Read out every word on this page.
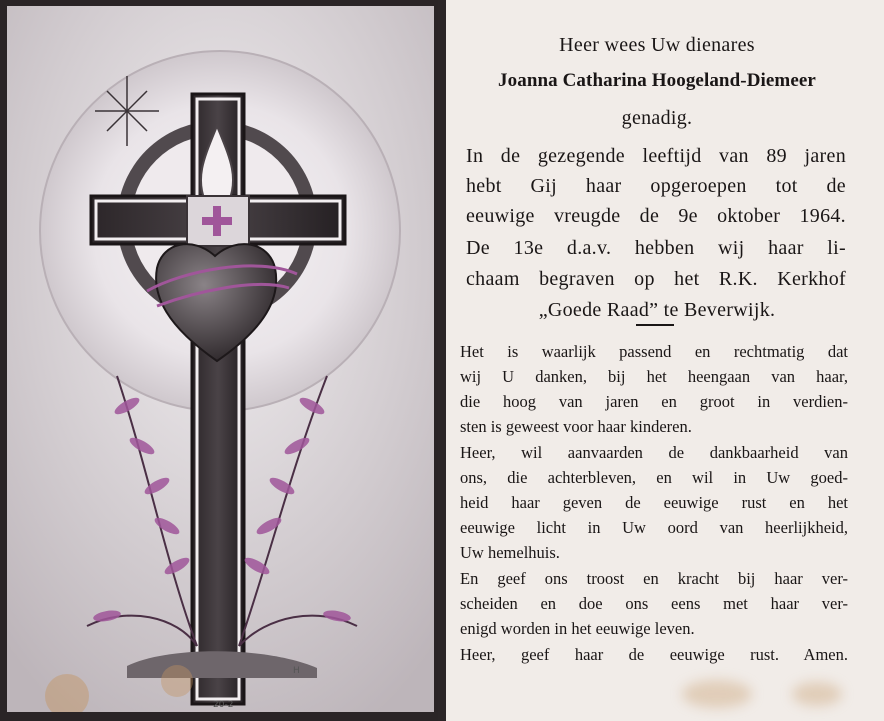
H
20-2
Heer wees Uw dienares
Joanna Catharina Hoogeland-Diemeer
genadig.
In de gezegende leeftijd van 89 jaren
hebt Gij haar opgeroepen tot de
eeuwige vreugde de 9e oktober 1964.
De 13e d.a.v. hebben wij haar li-
chaam begraven op het R.K. Kerkhof
„Goede Raad” te Beverwijk.
Het is waarlijk passend en rechtmatig dat
wij U danken, bij het heengaan van haar,
die hoog van jaren en groot in verdien-
sten is geweest voor haar kinderen.
Heer, wil aanvaarden de dankbaarheid van
ons, die achterbleven, en wil in Uw goed-
heid haar geven de eeuwige rust en het
eeuwige licht in Uw oord van heerlijkheid,
Uw hemelhuis.
En geef ons troost en kracht bij haar ver-
scheiden en doe ons eens met haar ver-
enigd worden in het eeuwige leven.
Heer, geef haar de eeuwige rust. Amen.
